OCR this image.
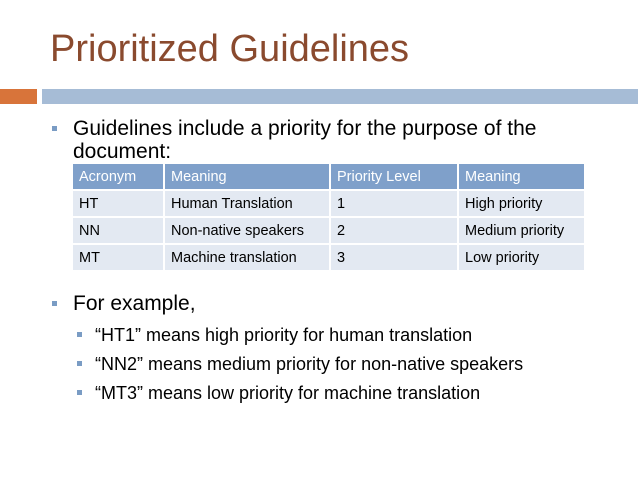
Prioritized Guidelines
Guidelines include a priority for the purpose of the
document:
Acronym	Meaning	Priority Level	Meaning
HT	Human Translation	1	High priority
NN	Non-native speakers	2	Medium priority
MT	Machine translation	3	Low priority
For example,
“HT1” means high priority for human translation
“NN2” means medium priority for non-native speakers
“MT3” means low priority for machine translation
